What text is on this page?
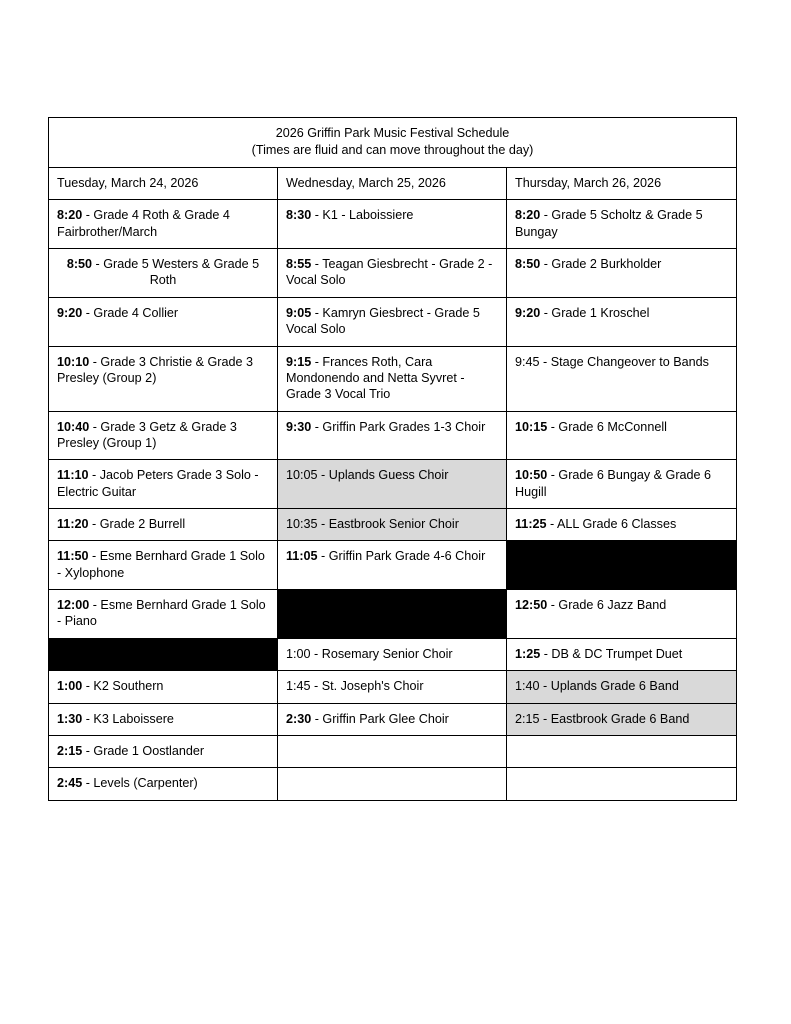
2026 Griffin Park Music Festival Schedule
(Times are fluid and can move throughout the day)		

Tuesday, March 24, 2026	Wednesday, March 25, 2026	Thursday, March 26, 2026
8:20 - Grade 4 Roth & Grade 4 Fairbrother/March	8:30 - K1 - Laboissiere	8:20 - Grade 5 Scholtz & Grade 5 Bungay
8:50 - Grade 5 Westers & Grade 5 Roth	8:55 - Teagan Giesbrecht - Grade 2 - Vocal Solo	8:50 - Grade 2 Burkholder
9:20 - Grade 4 Collier	9:05 - Kamryn Giesbrect - Grade 5 Vocal Solo	9:20 - Grade 1 Kroschel
10:10 - Grade 3 Christie & Grade 3 Presley (Group 2)	9:15 - Frances Roth, Cara Mondonendo and Netta Syvret - Grade 3 Vocal Trio	9:45 - Stage Changeover to Bands
10:40 - Grade 3 Getz & Grade 3 Presley (Group 1)	9:30 - Griffin Park Grades 1-3 Choir	10:15 - Grade 6 McConnell
11:10 - Jacob Peters Grade 3 Solo - Electric Guitar	10:05 - Uplands Guess Choir	10:50 - Grade 6 Bungay & Grade 6 Hugill
11:20 - Grade 2 Burrell	10:35 - Eastbrook Senior Choir	11:25 - ALL Grade 6 Classes
11:50 - Esme Bernhard Grade 1 Solo - Xylophone	11:05 - Griffin Park Grade 4-6 Choir	
12:00 - Esme Bernhard Grade 1 Solo - Piano		12:50 - Grade 6 Jazz Band
	1:00 - Rosemary Senior Choir	1:25 - DB & DC Trumpet Duet
1:00 - K2 Southern	1:45 - St. Joseph's Choir	1:40 - Uplands Grade 6 Band
1:30 - K3 Laboissere	2:30 - Griffin Park Glee Choir	2:15 - Eastbrook Grade 6 Band
2:15 - Grade 1 Oostlander		
2:45 - Levels (Carpenter)		
